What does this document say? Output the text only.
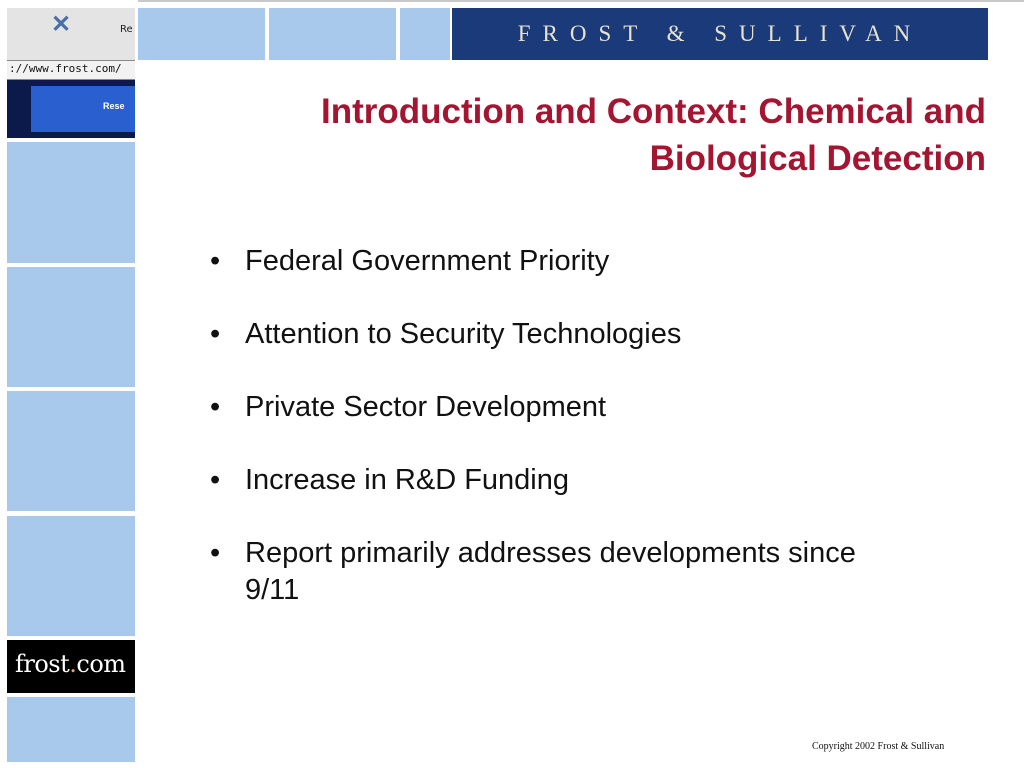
✕	Re
://www.frost.com/
Rese
frost.com
FROST & SULLIVAN
Introduction and Context: Chemical and
Biological Detection
• Federal Government Priority
• Attention to Security Technologies
• Private Sector Development
• Increase in R&D Funding
• Report primarily addresses developments since 9/11
Copyright 2002 Frost & Sullivan
